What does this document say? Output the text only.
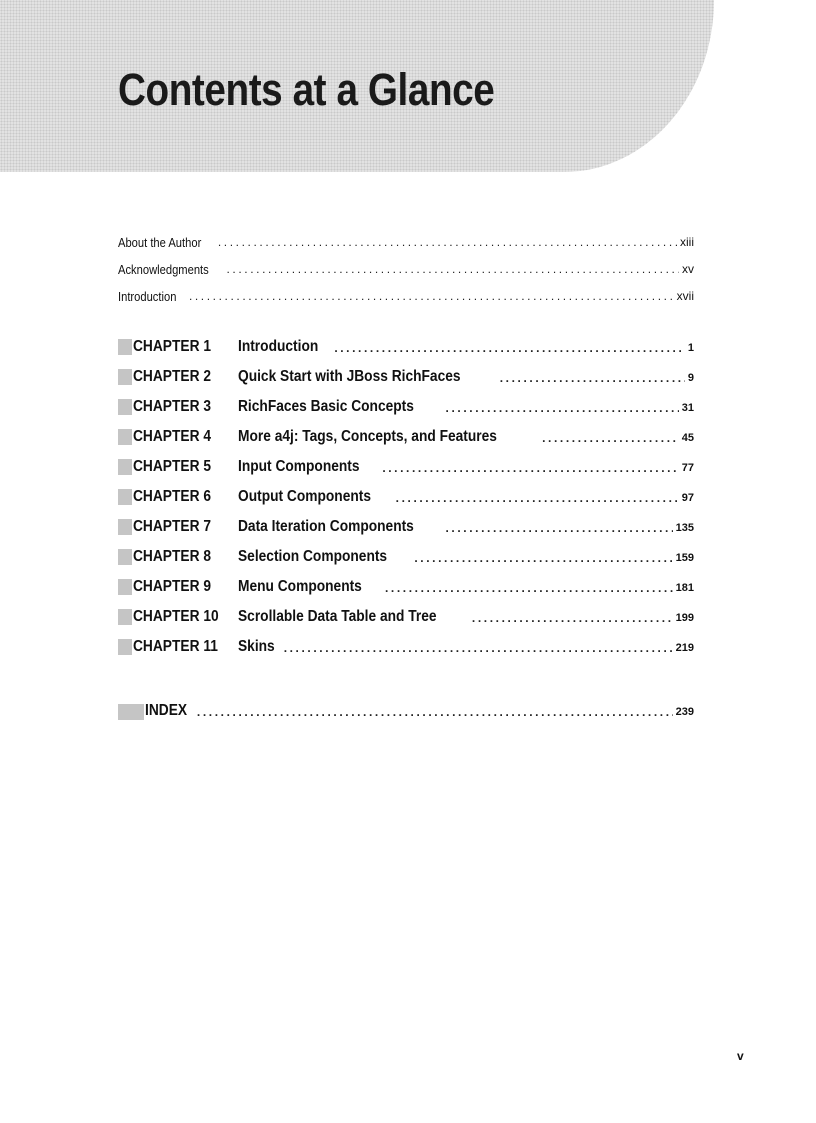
Contents at a Glance
About the Author .....	xiii
Acknowledgments .....	xv
Introduction .....	xvii
CHAPTER 1 Introduction .....	1
CHAPTER 2 Quick Start with JBoss RichFaces .....	9
CHAPTER 3 RichFaces Basic Concepts .....	31
CHAPTER 4 More a4j: Tags, Concepts, and Features .....	45
CHAPTER 5 Input Components .....	77
CHAPTER 6 Output Components .....	97
CHAPTER 7 Data Iteration Components .....	135
CHAPTER 8 Selection Components .....	159
CHAPTER 9 Menu Components .....	181
CHAPTER 10 Scrollable Data Table and Tree .....	199
CHAPTER 11 Skins .....	219
INDEX .....	239
v
